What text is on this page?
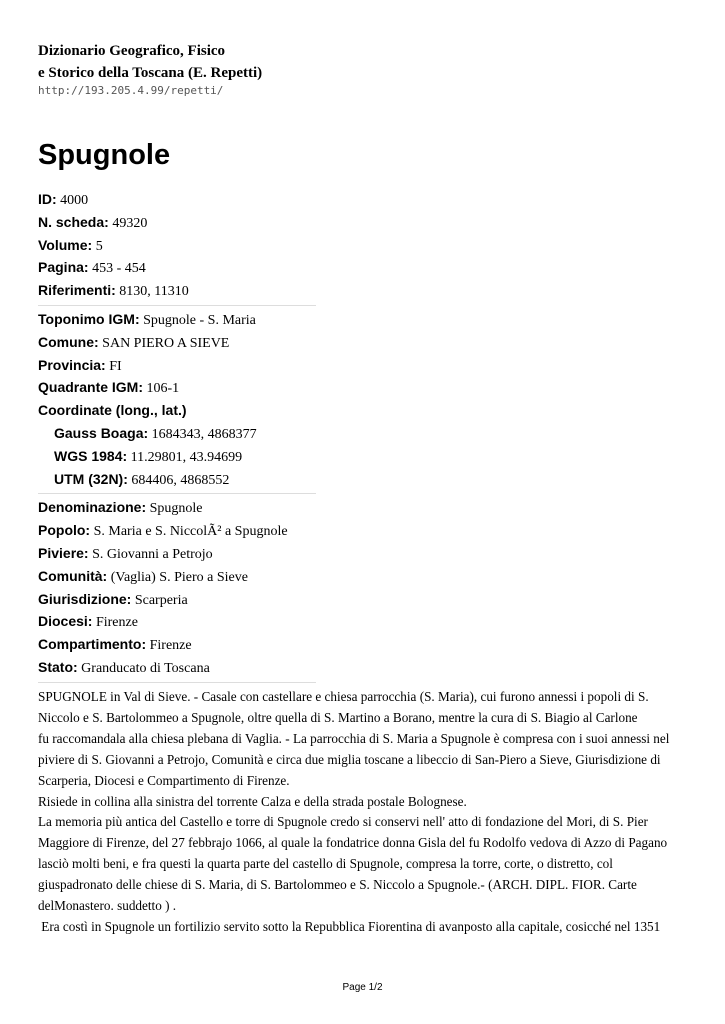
Dizionario Geografico, Fisico

e Storico della Toscana (E. Repetti)

http://193.205.4.99/repetti/

Spugnole
ID: 4000
N. scheda: 49320
Volume: 5
Pagina: 453 - 454
Riferimenti: 8130, 11310
Toponimo IGM: Spugnole - S. Maria
Comune: SAN PIERO A SIEVE
Provincia: FI
Quadrante IGM: 106-1
Coordinate (long., lat.)
Gauss Boaga: 1684343, 4868377
WGS 1984: 11.29801, 43.94699
UTM (32N): 684406, 4868552
Denominazione: Spugnole
Popolo: S. Maria e S. NiccolÃ² a Spugnole
Piviere: S. Giovanni a Petrojo
Comunità: (Vaglia) S. Piero a Sieve
Giurisdizione: Scarperia
Diocesi: Firenze
Compartimento: Firenze
Stato: Granducato di Toscana

SPUGNOLE in Val di Sieve. - Casale con castellare e chiesa parrocchia (S. Maria), cui furono annessi i popoli di S.

Niccolo e S. Bartolommeo a Spugnole, oltre quella di S. Martino a Borano, mentre la cura di S. Biagio al Carlone

fu raccomandala alla chiesa plebana di Vaglia. - La parrocchia di S. Maria a Spugnole è compresa con i suoi annessi nel

piviere di S. Giovanni a Petrojo, Comunità e circa due miglia toscane a libeccio di San-Piero a Sieve, Giurisdizione di

Scarperia, Diocesi e Compartimento di Firenze.

Risiede in collina alla sinistra del torrente Calza e della strada postale Bolognese.

La memoria più antica del Castello e torre di Spugnole credo si conservi nell' atto di fondazione del Mori, di S. Pier

Maggiore di Firenze, del 27 febbrajo 1066, al quale la fondatrice donna Gisla del fu Rodolfo vedova di Azzo di Pagano

lasciò molti beni, e fra questi la quarta parte del castello di Spugnole, compresa la torre, corte, o distretto, col

giuspadronato delle chiese di S. Maria, di S. Bartolommeo e S. Niccolo a Spugnole.- (ARCH. DIPL. FIOR. Carte

delMonastero. suddetto ) .

Era costì in Spugnole un fortilizio servito sotto la Repubblica Fiorentina di avanposto alla capitale, cosicché nel 1351

Page 1/2
